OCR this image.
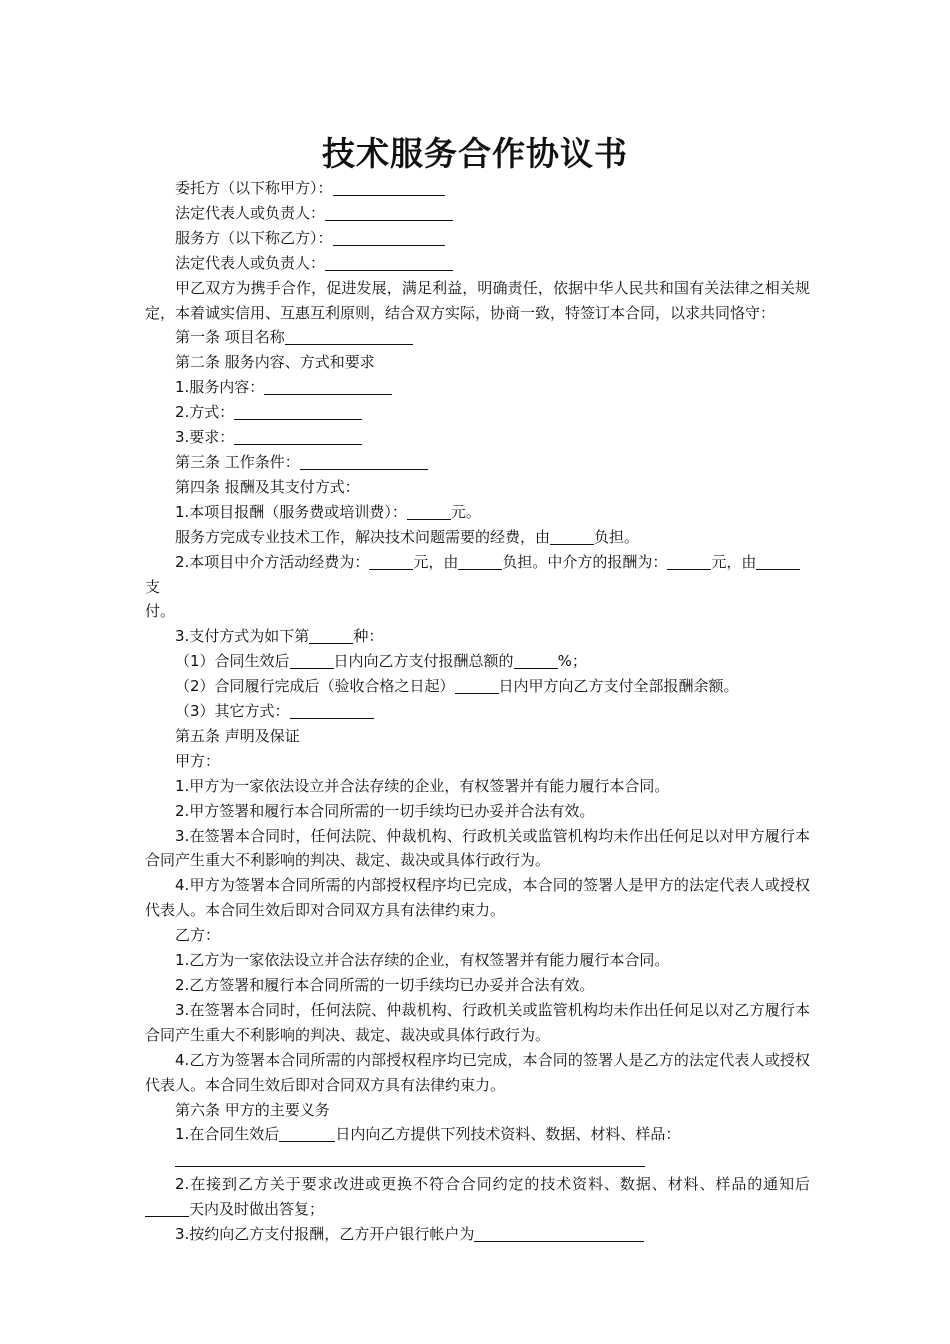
技术服务合作协议书

委托方（以下称甲方）：

法定代表人或负责人：

服务方（以下称乙方）：

法定代表人或负责人：

甲乙双方为携手合作，促进发展，满足利益，明确责任，依据中华人民共和国有关法律之相关规定，本着诚实信用、互惠互利原则，结合双方实际，协商一致，特签订本合同，以求共同恪守：

第一条 项目名称

第二条 服务内容、方式和要求

1.服务内容：

2.方式：

3.要求：

第三条 工作条件：

第四条 报酬及其支付方式：

1.本项目报酬（服务费或培训费）：	元。

服务方完成专业技术工作，解决技术问题需要的经费，由	负担。

2.本项目中介方活动经费为：	元，由	负担。中介方的报酬为：	元，由支

付。

3.支付方式为如下第	种：

（1）合同生效后	日内向乙方支付报酬总额的	%；

（2）合同履行完成后（验收合格之日起）	日内甲方向乙方支付全部报酬余额。

（3）其它方式：

第五条 声明及保证

甲方：

1.甲方为一家依法设立并合法存续的企业，有权签署并有能力履行本合同。

2.甲方签署和履行本合同所需的一切手续均已办妥并合法有效。

3.在签署本合同时，任何法院、仲裁机构、行政机关或监管机构均未作出任何足以对甲方履行本合同产生重大不利影响的判决、裁定、裁决或具体行政行为。

4.甲方为签署本合同所需的内部授权程序均已完成，本合同的签署人是甲方的法定代表人或授权代表人。本合同生效后即对合同双方具有法律约束力。

乙方：

1.乙方为一家依法设立并合法存续的企业，有权签署并有能力履行本合同。

2.乙方签署和履行本合同所需的一切手续均已办妥并合法有效。

3.在签署本合同时，任何法院、仲裁机构、行政机关或监管机构均未作出任何足以对乙方履行本合同产生重大不利影响的判决、裁定、裁决或具体行政行为。

4.乙方为签署本合同所需的内部授权程序均已完成，本合同的签署人是乙方的法定代表人或授权代表人。本合同生效后即对合同双方具有法律约束力。

第六条 甲方的主要义务

1.在合同生效后	日内向乙方提供下列技术资料、数据、材料、样品：

2.在接到乙方关于要求改进或更换不符合合同约定的技术资料、数据、材料、样品的通知后天内及时做出答复；

3.按约向乙方支付报酬，乙方开户银行帐户为
